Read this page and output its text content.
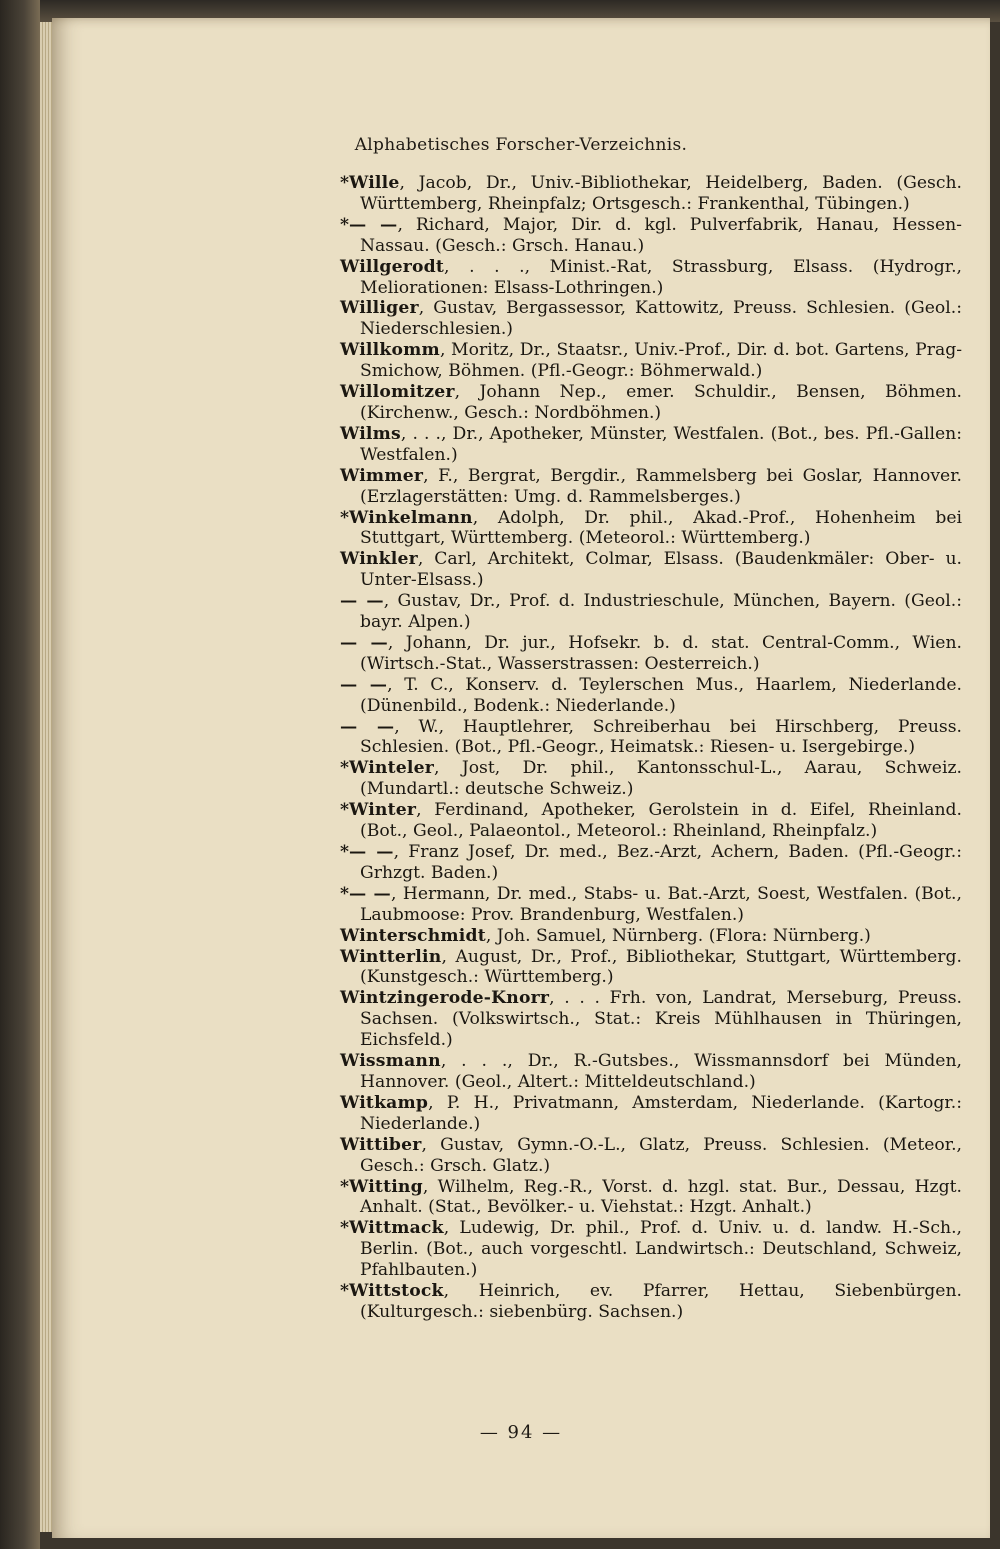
Alphabetisches Forscher-Verzeichnis.
*Wille, Jacob, Dr., Univ.-Bibliothekar, Heidelberg, Baden. (Gesch. Württemberg, Rheinpfalz; Ortsgesch.: Frankenthal, Tübingen.)
*— —, Richard, Major, Dir. d. kgl. Pulverfabrik, Hanau, Hessen-Nassau. (Gesch.: Grsch. Hanau.)
Willgerodt, . . ., Minist.-Rat, Strassburg, Elsass. (Hydrogr., Meliorationen: Elsass-Lothringen.)
Williger, Gustav, Bergassessor, Kattowitz, Preuss. Schlesien. (Geol.: Niederschlesien.)
Willkomm, Moritz, Dr., Staatsr., Univ.-Prof., Dir. d. bot. Gartens, Prag-Smichow, Böhmen. (Pfl.-Geogr.: Böhmerwald.)
Willomitzer, Johann Nep., emer. Schuldir., Bensen, Böhmen. (Kirchenw., Gesch.: Nordböhmen.)
Wilms, . . ., Dr., Apotheker, Münster, Westfalen. (Bot., bes. Pfl.-Gallen: Westfalen.)
Wimmer, F., Bergrat, Bergdir., Rammelsberg bei Goslar, Hannover. (Erzlagerstätten: Umg. d. Rammelsberges.)
*Winkelmann, Adolph, Dr. phil., Akad.-Prof., Hohenheim bei Stuttgart, Württemberg. (Meteorol.: Württemberg.)
Winkler, Carl, Architekt, Colmar, Elsass. (Baudenkmäler: Ober- u. Unter-Elsass.)
— —, Gustav, Dr., Prof. d. Industrieschule, München, Bayern. (Geol.: bayr. Alpen.)
— —, Johann, Dr. jur., Hofsekr. b. d. stat. Central-Comm., Wien. (Wirtsch.-Stat., Wasserstrassen: Oesterreich.)
— —, T. C., Konserv. d. Teylerschen Mus., Haarlem, Niederlande. (Dünenbild., Bodenk.: Niederlande.)
— —, W., Hauptlehrer, Schreiberhau bei Hirschberg, Preuss. Schlesien. (Bot., Pfl.-Geogr., Heimatsk.: Riesen- u. Isergebirge.)
*Winteler, Jost, Dr. phil., Kantonsschul-L., Aarau, Schweiz. (Mundartl.: deutsche Schweiz.)
*Winter, Ferdinand, Apotheker, Gerolstein in d. Eifel, Rheinland. (Bot., Geol., Palaeontol., Meteorol.: Rheinland, Rheinpfalz.)
*— —, Franz Josef, Dr. med., Bez.-Arzt, Achern, Baden. (Pfl.-Geogr.: Grhzgt. Baden.)
*— —, Hermann, Dr. med., Stabs- u. Bat.-Arzt, Soest, Westfalen. (Bot., Laubmoose: Prov. Brandenburg, Westfalen.)
Winterschmidt, Joh. Samuel, Nürnberg. (Flora: Nürnberg.)
Wintterlin, August, Dr., Prof., Bibliothekar, Stuttgart, Württemberg. (Kunstgesch.: Württemberg.)
Wintzingerode-Knorr, . . . Frh. von, Landrat, Merseburg, Preuss. Sachsen. (Volkswirtsch., Stat.: Kreis Mühlhausen in Thüringen, Eichsfeld.)
Wissmann, . . ., Dr., R.-Gutsbes., Wissmannsdorf bei Münden, Hannover. (Geol., Altert.: Mitteldeutschland.)
Witkamp, P. H., Privatmann, Amsterdam, Niederlande. (Kartogr.: Niederlande.)
Wittiber, Gustav, Gymn.-O.-L., Glatz, Preuss. Schlesien. (Meteor., Gesch.: Grsch. Glatz.)
*Witting, Wilhelm, Reg.-R., Vorst. d. hzgl. stat. Bur., Dessau, Hzgt. Anhalt. (Stat., Bevölker.- u. Viehstat.: Hzgt. Anhalt.)
*Wittmack, Ludewig, Dr. phil., Prof. d. Univ. u. d. landw. H.-Sch., Berlin. (Bot., auch vorgeschtl. Landwirtsch.: Deutschland, Schweiz, Pfahlbauten.)
*Wittstock, Heinrich, ev. Pfarrer, Hettau, Siebenbürgen. (Kulturgesch.: siebenbürg. Sachsen.)
— 94 —
